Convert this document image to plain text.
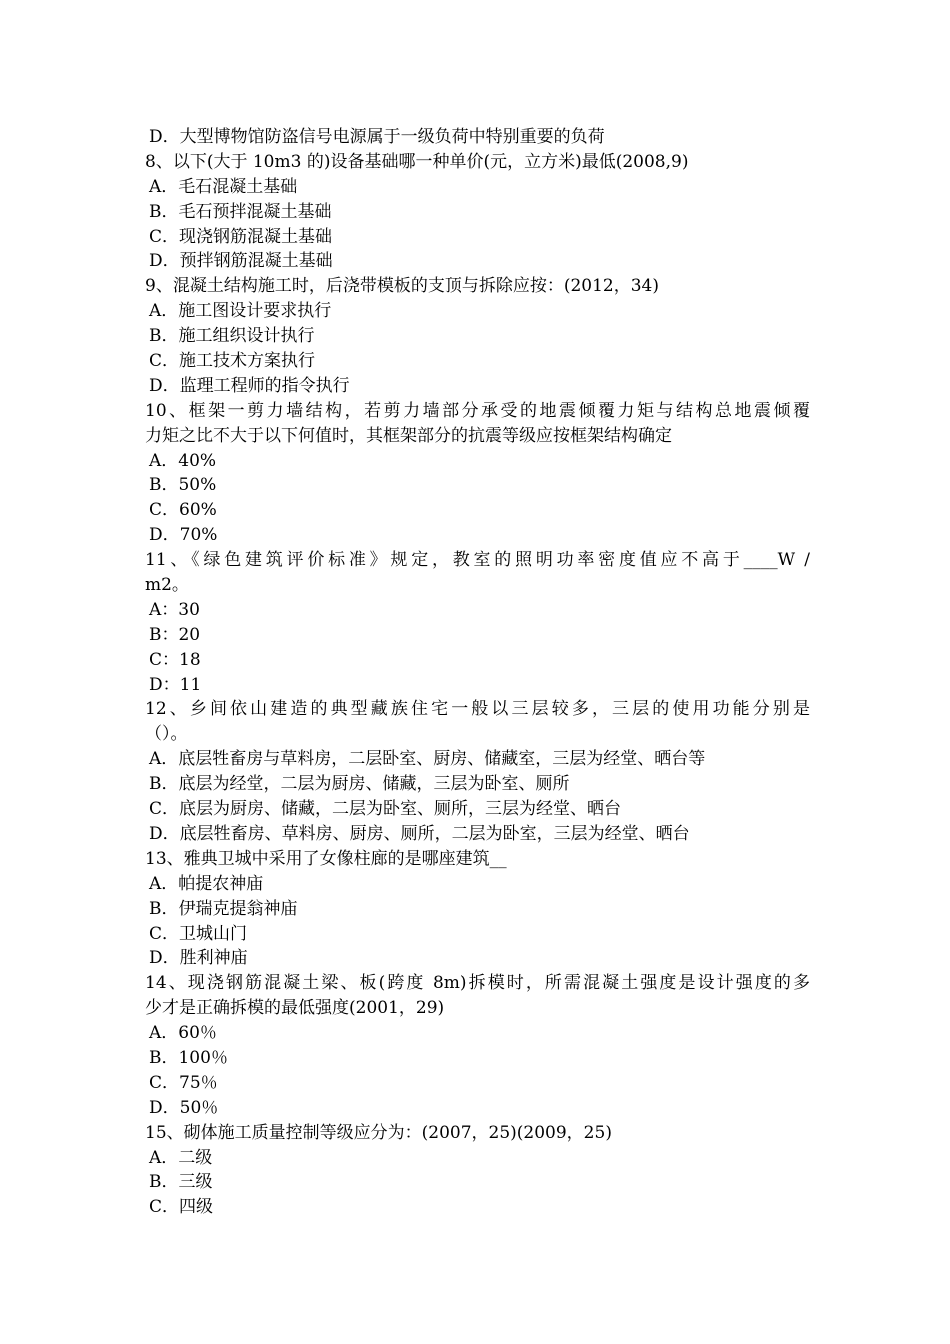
D．大型博物馆防盗信号电源属于一级负荷中特别重要的负荷
8、以下(大于 10m3 的)设备基础哪一种单价(元，立方米)最低(2008,9)
A．毛石混凝土基础
B．毛石预拌混凝土基础
C．现浇钢筋混凝土基础
D．预拌钢筋混凝土基础
9、混凝土结构施工时，后浇带模板的支顶与拆除应按：(2012，34)
A．施工图设计要求执行
B．施工组织设计执行
C．施工技术方案执行
D．监理工程师的指令执行
10、框架一剪力墙结构，若剪力墙部分承受的地震倾覆力矩与结构总地震倾覆
力矩之比不大于以下何值时，其框架部分的抗震等级应按框架结构确定
A．40%
B．50%
C．60%
D．70%
11、《绿色建筑评价标准》规定，教室的照明功率密度值应不高于____W /
m2。
A：30
B：20
C：18
D：11
12、乡间依山建造的典型藏族住宅一般以三层较多，三层的使用功能分别是
（）。
A．底层牲畜房与草料房，二层卧室、厨房、储藏室，三层为经堂、晒台等
B．底层为经堂，二层为厨房、储藏，三层为卧室、厕所
C．底层为厨房、储藏，二层为卧室、厕所，三层为经堂、晒台
D．底层牲畜房、草料房、厨房、厕所，二层为卧室，三层为经堂、晒台
13、雅典卫城中采用了女像柱廊的是哪座建筑__
A．帕提农神庙
B．伊瑞克提翁神庙
C．卫城山门
D．胜利神庙
14、现浇钢筋混凝土梁、板(跨度 8m)拆模时，所需混凝土强度是设计强度的多
少才是正确拆模的最低强度(2001，29)
A．60％
B．100％
C．75％
D．50％
15、砌体施工质量控制等级应分为：(2007，25)(2009，25)
A．二级
B．三级
C．四级
